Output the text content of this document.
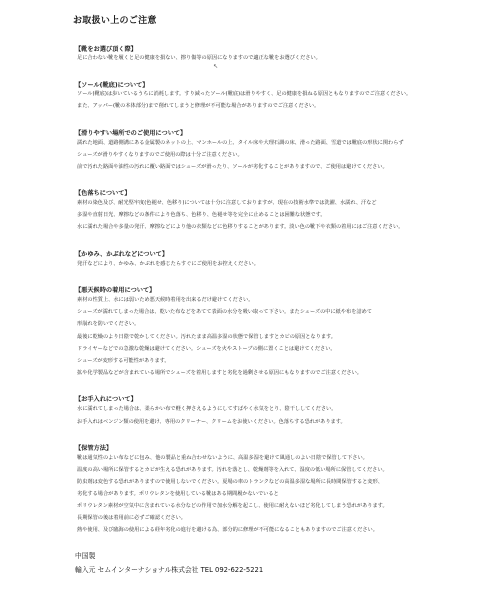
お取扱い上のご注意
↖
【靴をお選び頂く際】
足に合わない靴を履くと足の健康を損ない、擦り傷等の原因になりますので適正な靴をお選びください。
【ソール(靴底)について】
ソール(靴底)は歩いているうちに消耗します。すり減ったソール(靴底)は滑りやすく、足の健康を損ねる原因ともなりますのでご注意ください。
また、アッパー(靴の本体部分)まで削れてしまうと修理が不可能な場合がありますのでご注意ください。
【滑りやすい場所でのご使用について】
濡れた地面、道路側溝にある金属製のネットの上、マンホールの上、タイル床や大理石調の床、滑った路面、雪道では靴底の形状に関わらず
シューズが滑りやすくなりますのでご使用の際は十分ご注意ください。
前で汚れた路面や油性の汚れに覆い路面ではシューズが滑ったり、ソールが劣化することがありますので、ご使用は避けてください。
【色落ちについて】
素材の染色及び、耐光堅牢度(色褪せ、色移り)については十分に注意しておりますが、現在の技術水準では洗濯、水濡れ、汗など
多湿や直射日光、摩擦などの条件により色落ち、色移り、色褪せ等を完全に止めることは困難な状態です。
水に濡れた場合や多量の発汗、摩擦などにより他の衣類などに色移りすることがあります。淡い色の靴下や衣類の着用にはご注意ください。
【かゆみ、かぶれなどについて】
発汗などにより、かゆみ、かぶれを感じたらすぐにご使用をお控えください。
【悪天候時の着用について】
素材の性質上、水には弱いため悪天候時着用を出来るだけ避けてください。
シューズが濡れてしまった場合は、乾いた布などをあてて表面の水分を吸い取って下さい。またシューズの中に紙や布を詰めて
形崩れを防いでください。
最後に乾燥のより日陰で乾かしてください。汚れたまま高温多湿の状態で保管しますとカビの原因となります。
ドライヤーなどでの急激な乾燥は避けてください。シューズを火やストーブの側に置くことは避けてください。
シューズが変形する可能性があります。
拡や化学製品などが含まれている場所でシューズを着用しますと劣化を過剰させる原因にもなりますのでご注意ください。
【お手入れについて】
水に濡れてしまった場合は、柔らかい布で軽く押さえるようにしてすばやく水気をとり、陰干ししてください。
お手入れはベンジン類の使用を避け、専用のクリーナー、クリームをお使いください。色落ちする恐れがあります。
【保管方法】
靴は通気性のよい布などに包み、他の製品と重ね合わせないように、高温多湿を避けて風通しのよい日陰で保管して下さい。
温度の高い場所に保管するとカビが生える恐れがあります。汚れを落とし、乾燥剤等を入れて、湿度の低い場所に保管してください。
防虫剤は変色する恐れがありますので使用しないでください。夏場の車のトランクなどの高温多湿な場所に長時間保管すると変形、
劣化する場合があります。ポリウレタンを使用している靴はある期間履かないでいると
ポリウレタン素材が空気中に含まれている水分などの作用で加水分解を起こし、使用に耐えないほど劣化してしまう恐れがあります。
長期保管の後は着用前に必ずご確認ください。
熱や使用、及び臨海の使用による経年劣化の進行を避ける為、部分的に修理が不可能になることもありますのでご注意ください。
中国製
輸入元 セムインターナショナル株式会社 TEL 092-622-5221
